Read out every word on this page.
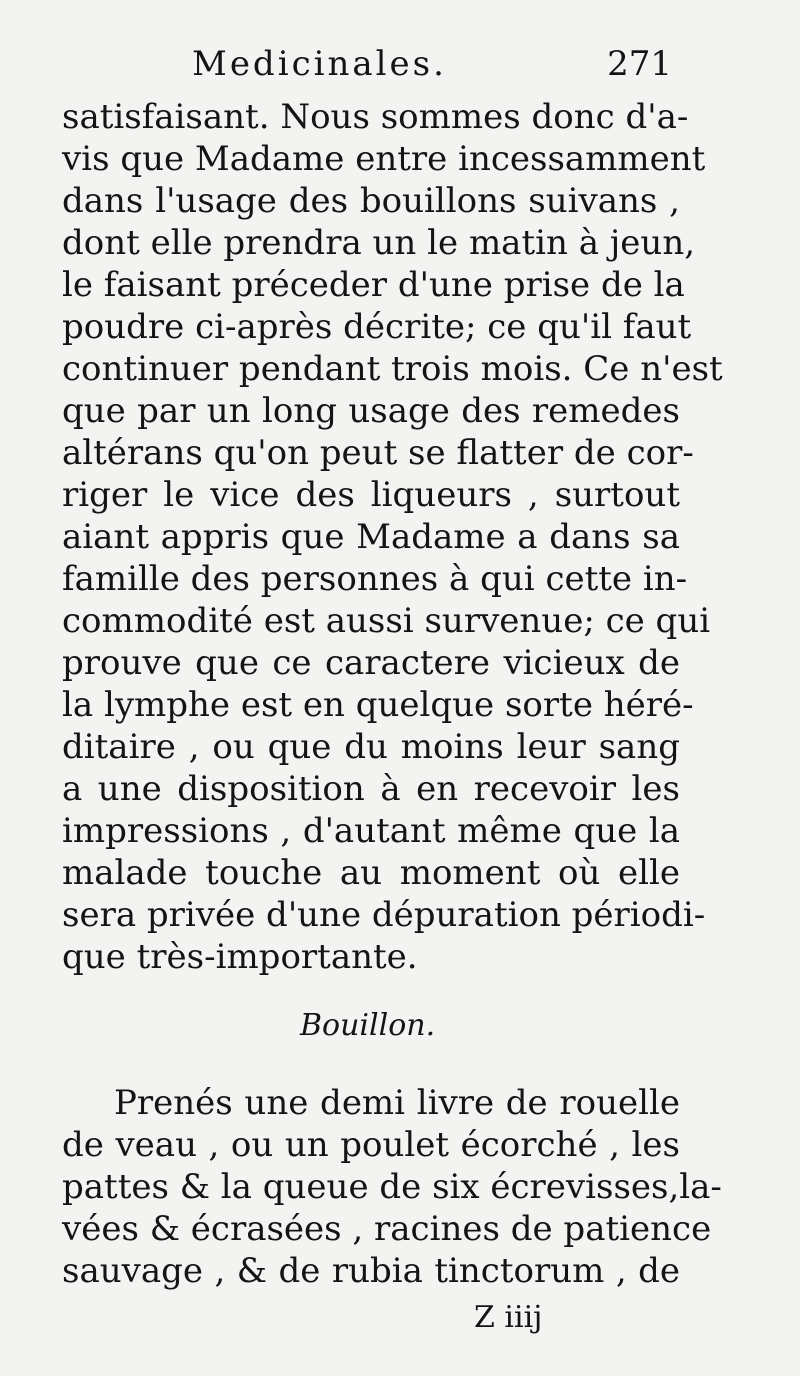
Medicinales.	271

satisfaisant. Nous sommes donc d'a-
vis que Madame entre incessamment
dans l'usage des bouillons suivans ,
dont elle prendra un le matin à jeun,
le faisant préceder d'une prise de la
poudre ci-après décrite; ce qu'il faut
continuer pendant trois mois. Ce n'est
que par un long usage des remedes
altérans qu'on peut se flatter de cor-
riger le vice des liqueurs , surtout
aiant appris que Madame a dans sa
famille des personnes à qui cette in-
commodité est aussi survenue; ce qui
prouve que ce caractere vicieux de
la lymphe est en quelque sorte héré-
ditaire , ou que du moins leur sang
a une disposition à en recevoir les
impressions , d'autant même que la
malade touche au moment où elle
sera privée d'une dépuration périodi-
que très-importante.
Bouillon.
Prenés une demi livre de rouelle
de veau , ou un poulet écorché , les
pattes & la queue de six écrevisses,la-
vées & écrasées , racines de patience
sauvage , & de rubia tinctorum , de
Z iiij
